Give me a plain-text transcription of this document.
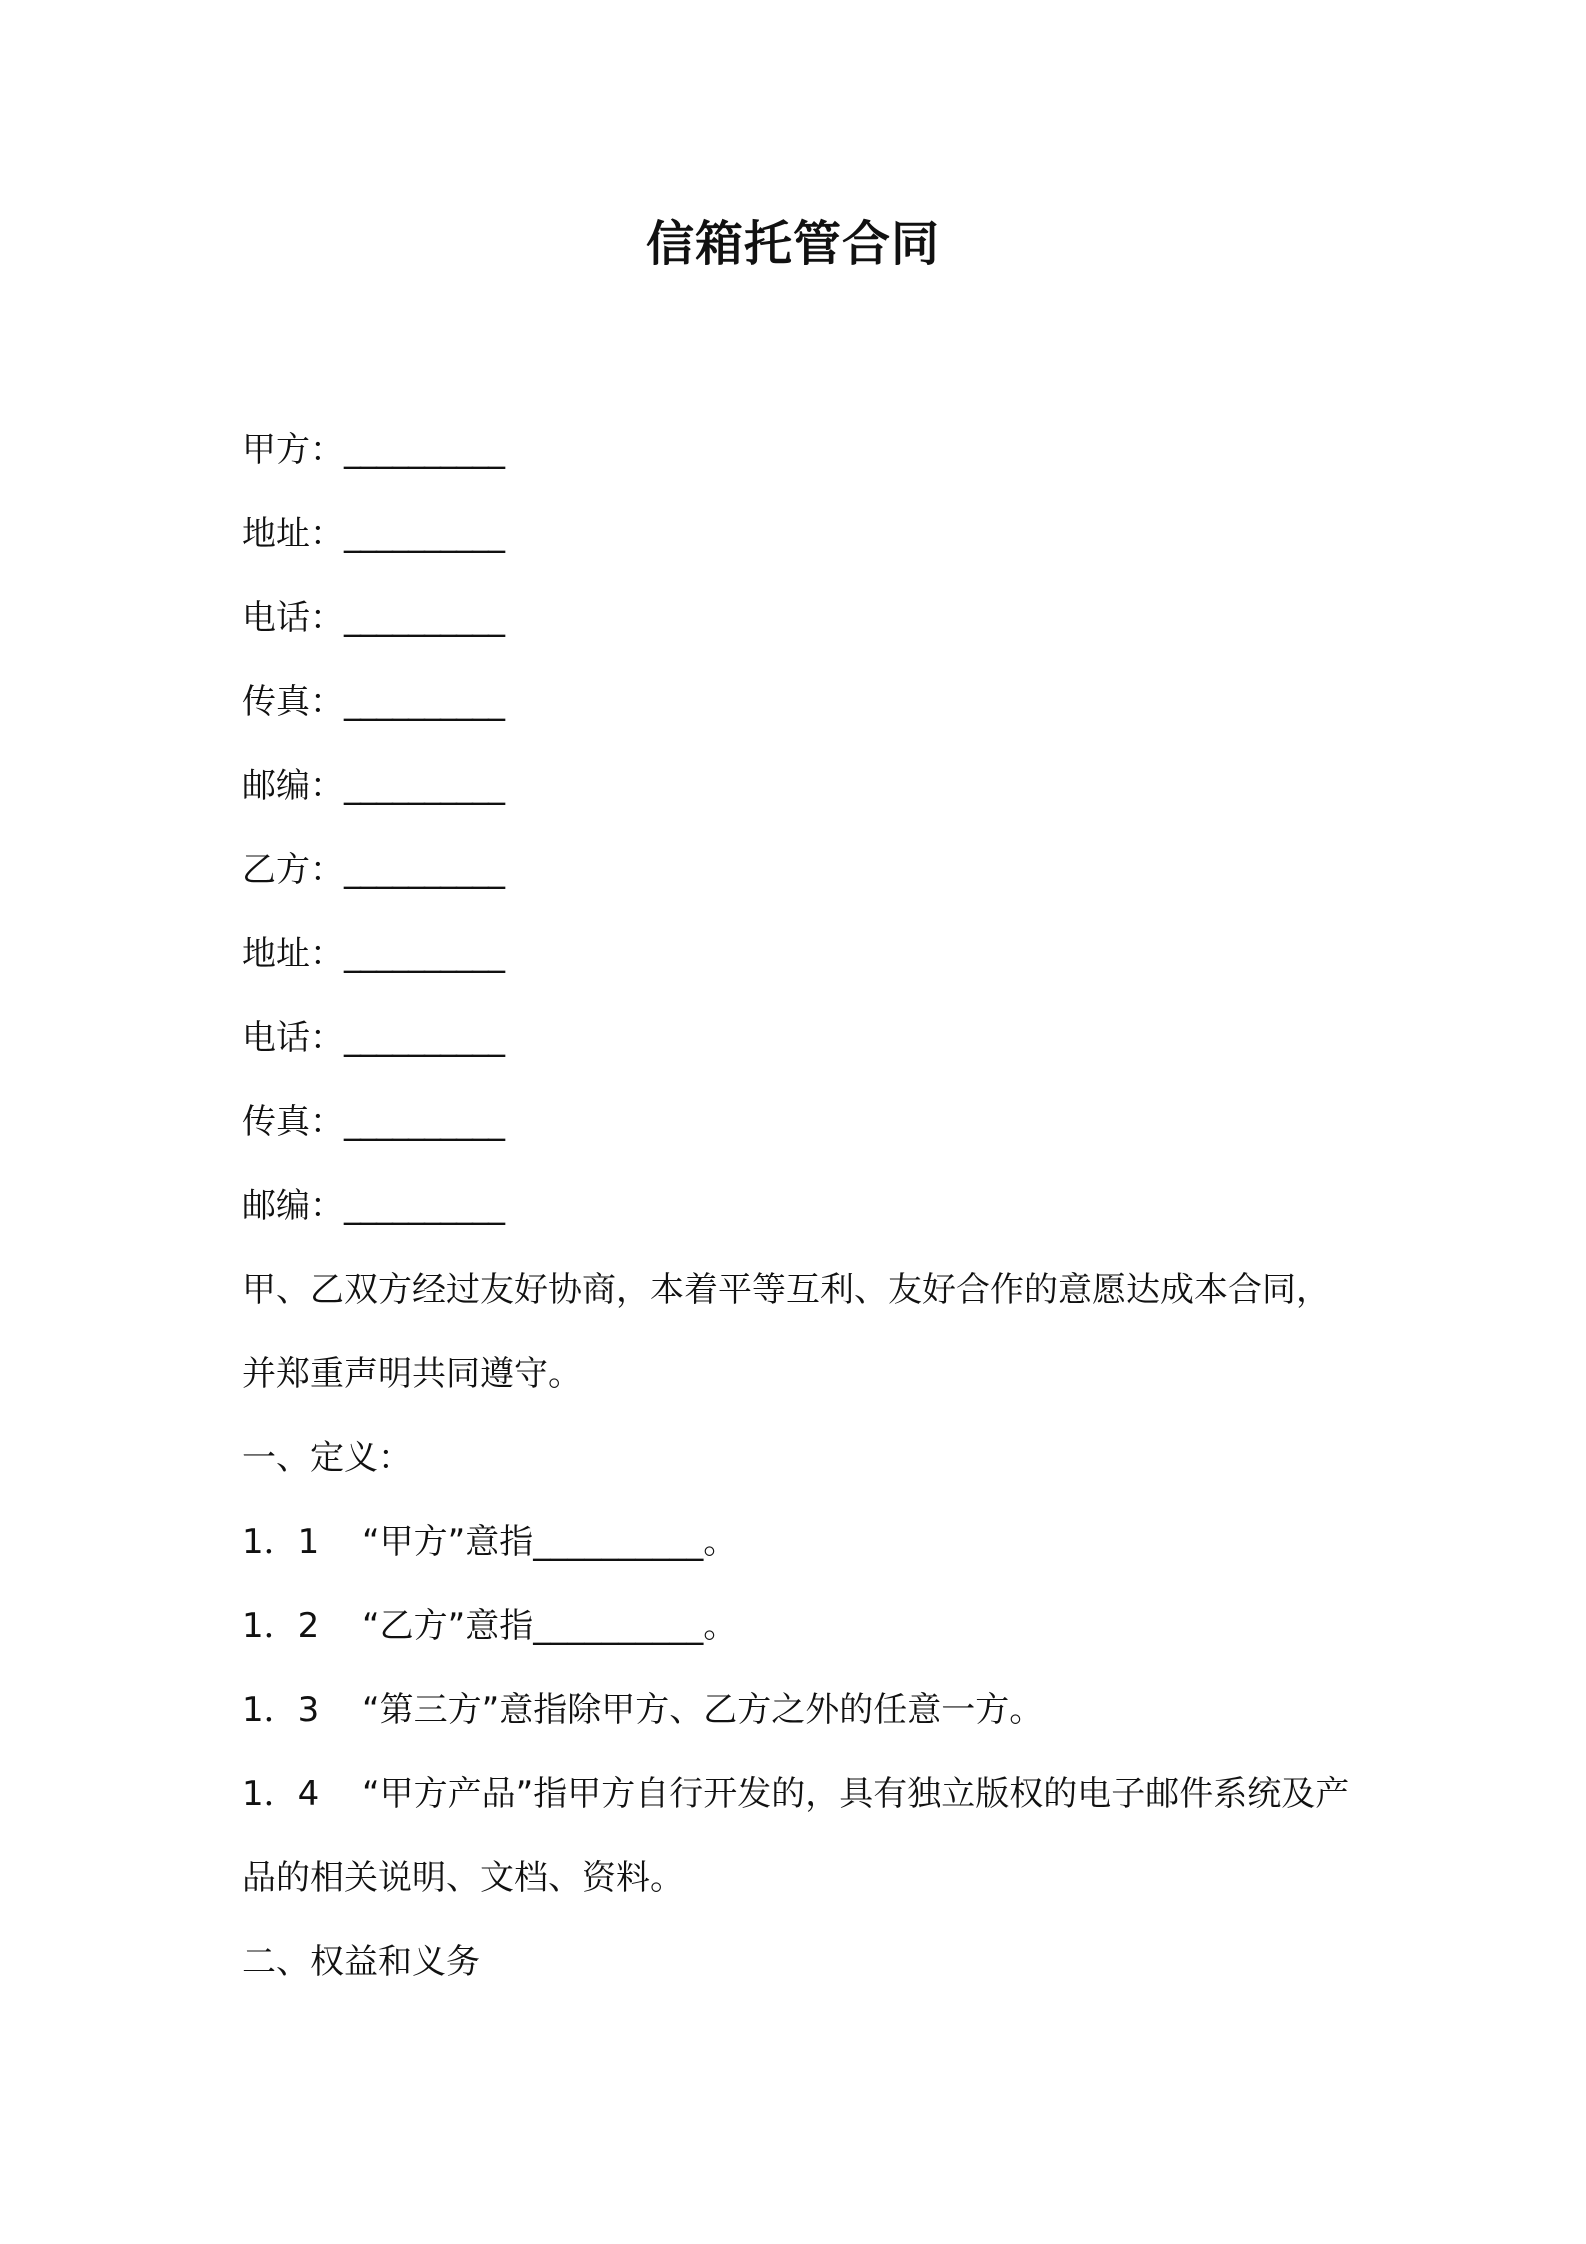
信箱托管合同
甲方：__________
地址：__________
电话：__________
传真：__________
邮编：__________
乙方：__________
地址：__________
电话：__________
传真：__________
邮编：__________
甲、乙双方经过友好协商，本着平等互利、友好合作的意愿达成本合同，并郑重声明共同遵守。
一、定义：
1．1 “甲方”意指__________。
1．2 “乙方”意指__________。
1．3 “第三方”意指除甲方、乙方之外的任意一方。
1．4 “甲方产品”指甲方自行开发的，具有独立版权的电子邮件系统及产品的相关说明、文档、资料。
二、权益和义务
